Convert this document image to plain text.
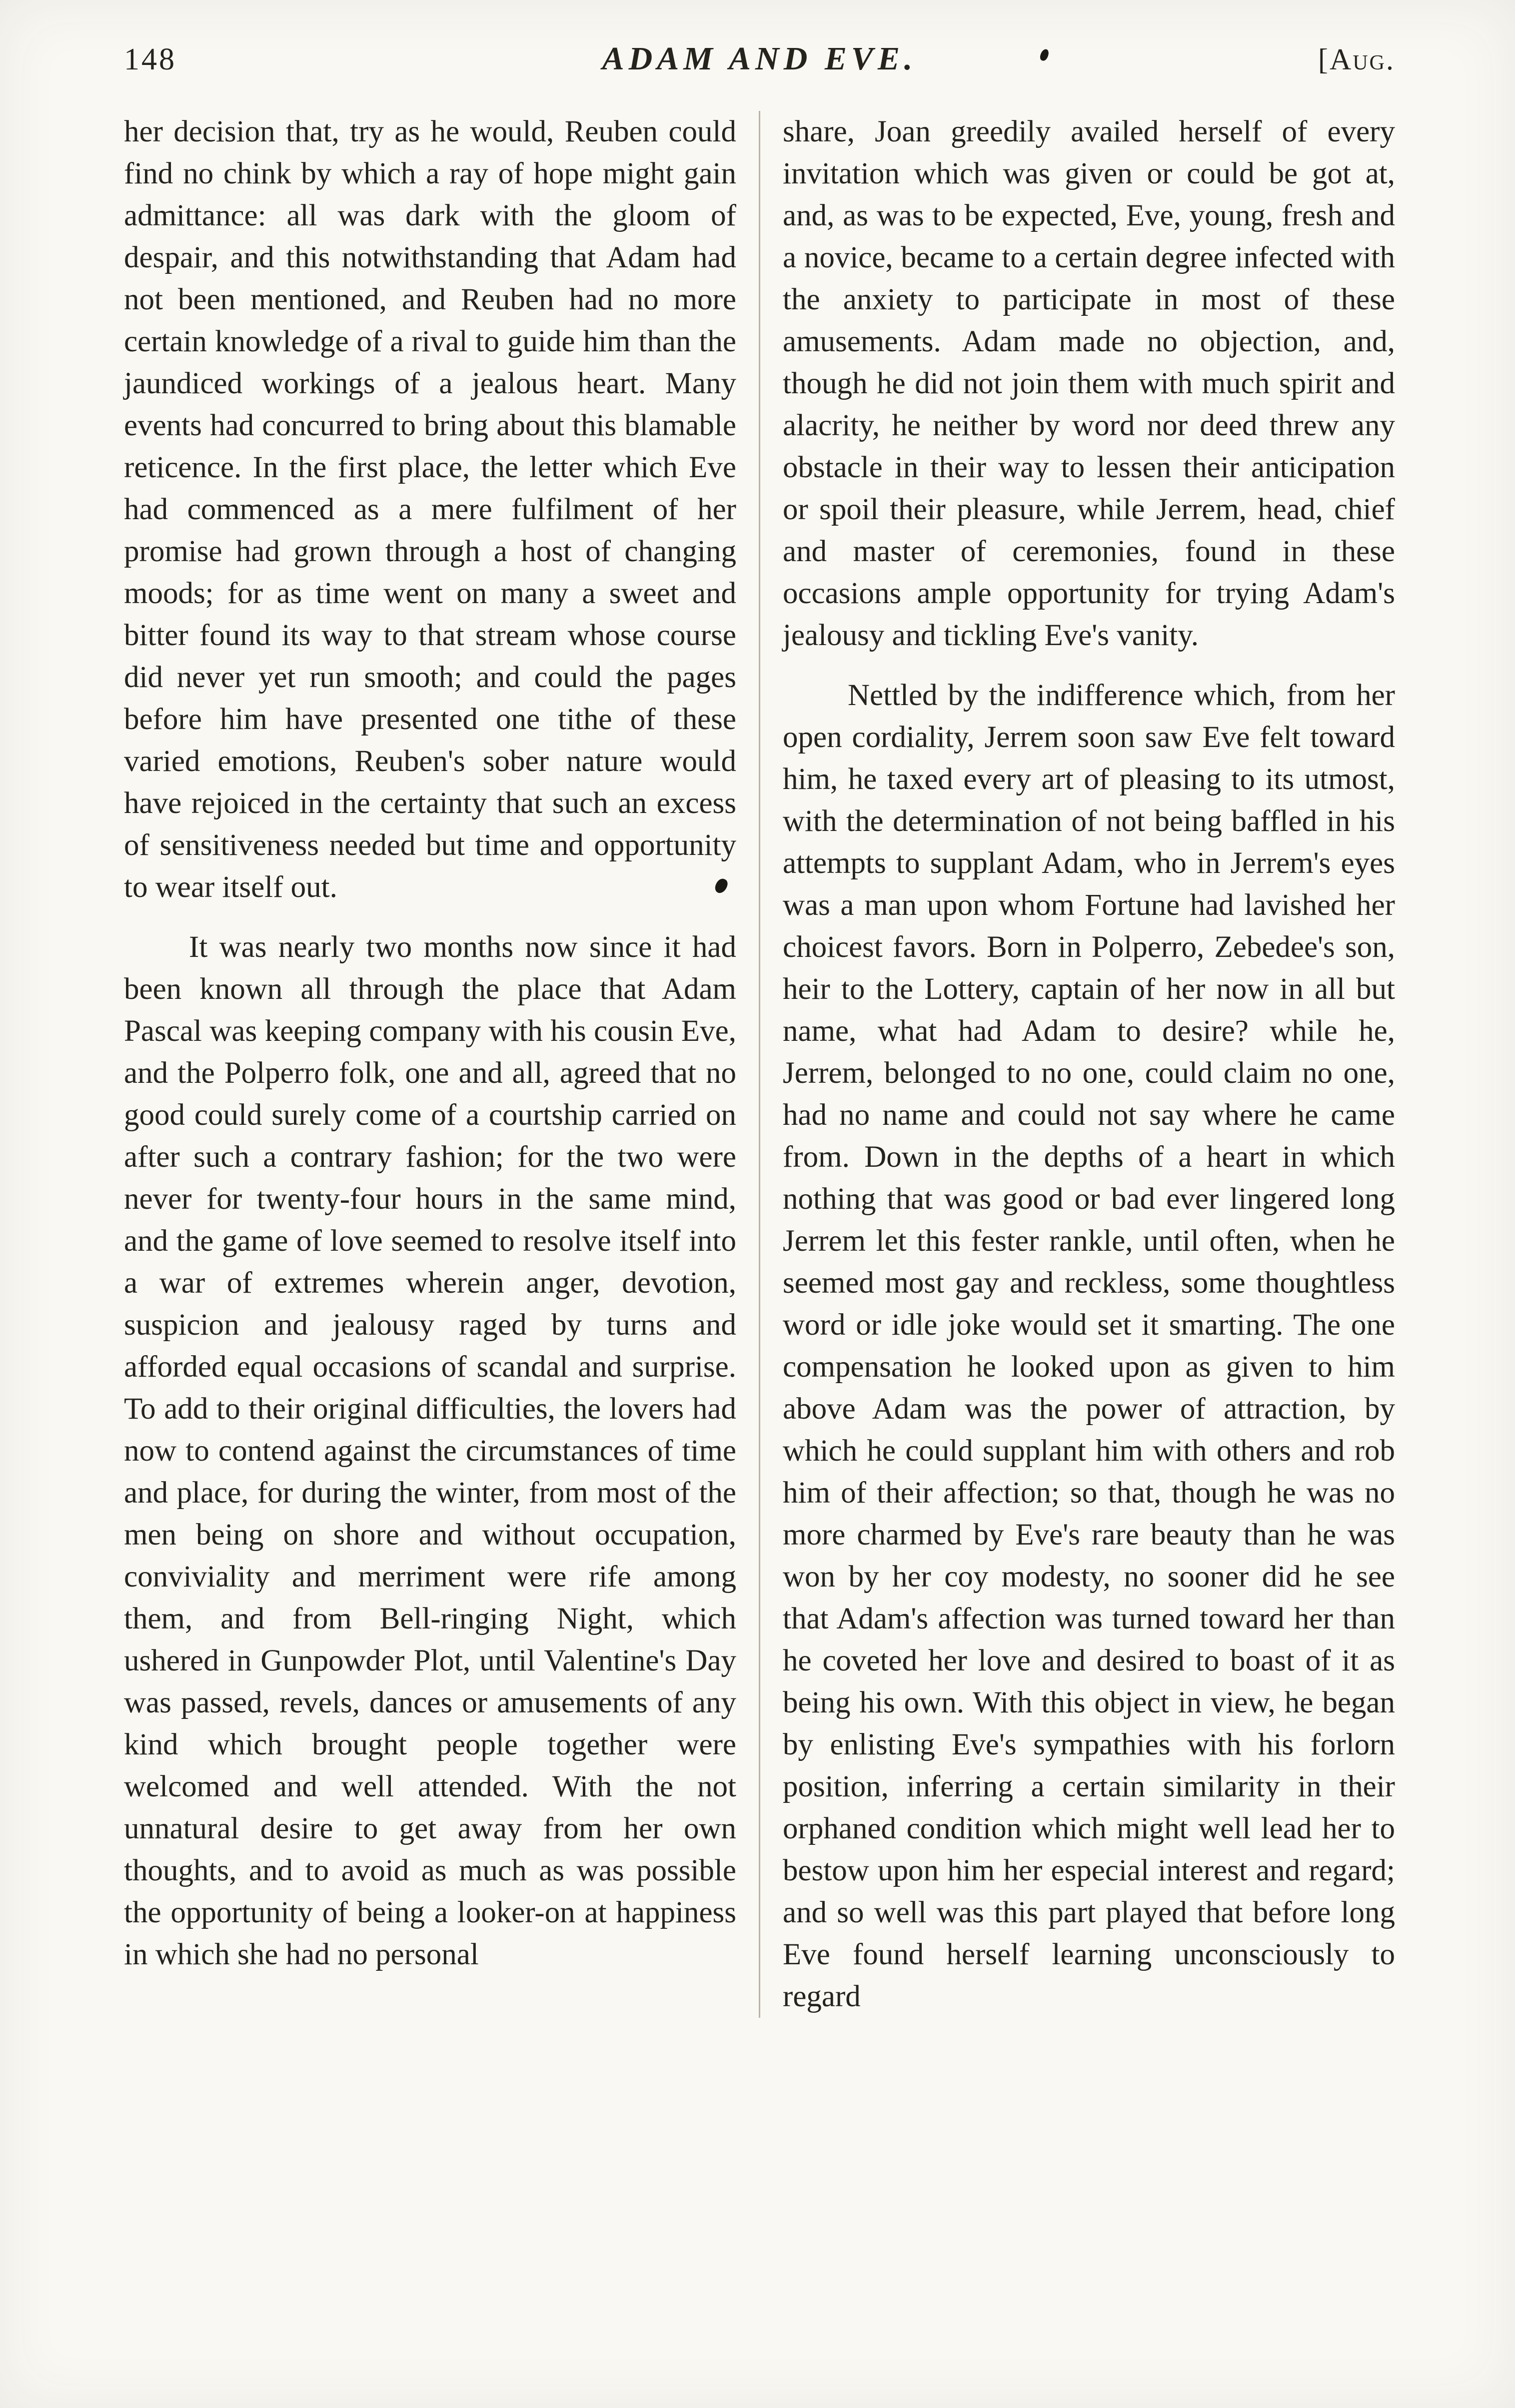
148	ADAM AND EVE.	[Aug.

her decision that, try as he would, Reuben could find no chink by which a ray of hope might gain admittance: all was dark with the gloom of despair, and this notwithstanding that Adam had not been mentioned, and Reuben had no more certain knowledge of a rival to guide him than the jaundiced workings of a jealous heart. Many events had concurred to bring about this blamable reticence. In the first place, the letter which Eve had commenced as a mere fulfilment of her promise had grown through a host of changing moods; for as time went on many a sweet and bitter found its way to that stream whose course did never yet run smooth; and could the pages before him have presented one tithe of these varied emotions, Reuben's sober nature would have rejoiced in the certainty that such an excess of sensitiveness needed but time and opportunity to wear itself out.

It was nearly two months now since it had been known all through the place that Adam Pascal was keeping company with his cousin Eve, and the Polperro folk, one and all, agreed that no good could surely come of a courtship carried on after such a contrary fashion; for the two were never for twenty-four hours in the same mind, and the game of love seemed to resolve itself into a war of extremes wherein anger, devotion, suspicion and jealousy raged by turns and afforded equal occasions of scandal and surprise. To add to their original difficulties, the lovers had now to contend against the circumstances of time and place, for during the winter, from most of the men being on shore and without occupation, conviviality and merriment were rife among them, and from Bell-ringing Night, which ushered in Gunpowder Plot, until Valentine's Day was passed, revels, dances or amusements of any kind which brought people together were welcomed and well attended. With the not unnatural desire to get away from her own thoughts, and to avoid as much as was possible the opportunity of being a looker-on at happiness in which she had no personal

share, Joan greedily availed herself of every invitation which was given or could be got at, and, as was to be expected, Eve, young, fresh and a novice, became to a certain degree infected with the anxiety to participate in most of these amusements. Adam made no objection, and, though he did not join them with much spirit and alacrity, he neither by word nor deed threw any obstacle in their way to lessen their anticipation or spoil their pleasure, while Jerrem, head, chief and master of ceremonies, found in these occasions ample opportunity for trying Adam's jealousy and tickling Eve's vanity.

Nettled by the indifference which, from her open cordiality, Jerrem soon saw Eve felt toward him, he taxed every art of pleasing to its utmost, with the determination of not being baffled in his attempts to supplant Adam, who in Jerrem's eyes was a man upon whom Fortune had lavished her choicest favors. Born in Polperro, Zebedee's son, heir to the Lottery, captain of her now in all but name, what had Adam to desire? while he, Jerrem, belonged to no one, could claim no one, had no name and could not say where he came from. Down in the depths of a heart in which nothing that was good or bad ever lingered long Jerrem let this fester rankle, until often, when he seemed most gay and reckless, some thoughtless word or idle joke would set it smarting. The one compensation he looked upon as given to him above Adam was the power of attraction, by which he could supplant him with others and rob him of their affection; so that, though he was no more charmed by Eve's rare beauty than he was won by her coy modesty, no sooner did he see that Adam's affection was turned toward her than he coveted her love and desired to boast of it as being his own. With this object in view, he began by enlisting Eve's sympathies with his forlorn position, inferring a certain similarity in their orphaned condition which might well lead her to bestow upon him her especial interest and regard; and so well was this part played that before long Eve found herself learning unconsciously to regard
